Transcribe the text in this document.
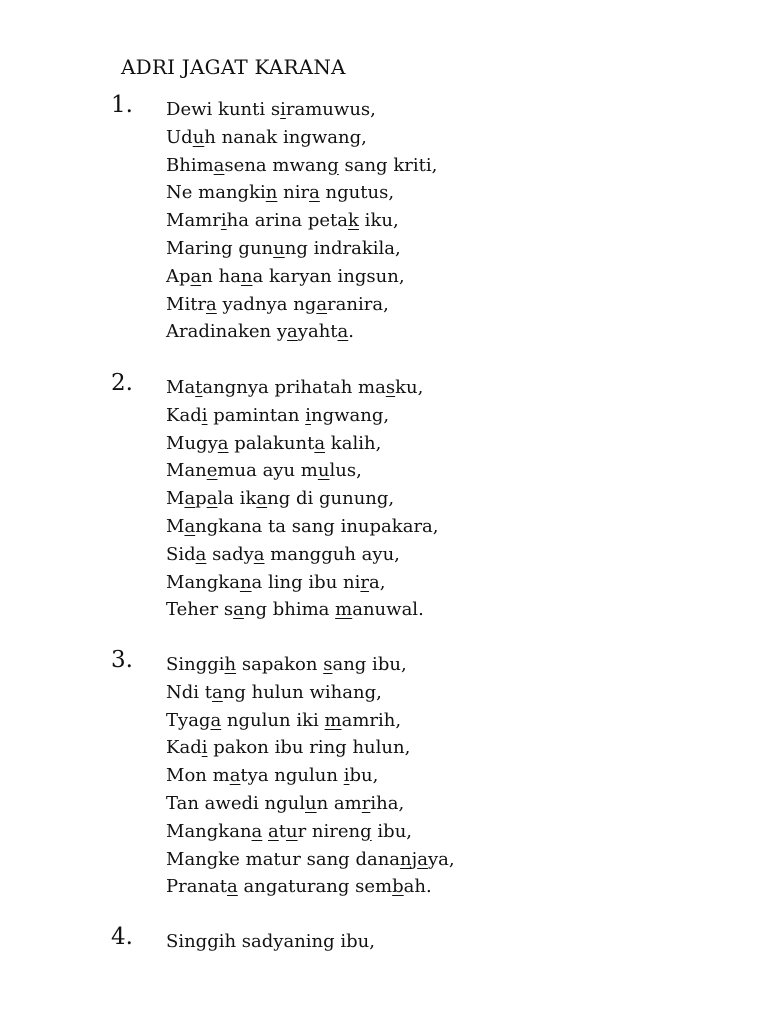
ADRI JAGAT KARANA
1. Dewi kunti siramuwus,
Uduh nanak ingwang,
Bhimasena mwang sang kriti,
Ne mangkin nira ngutus,
Mamriha arina petak iku,
Maring gunung indrakila,
Apan hana karyan ingsun,
Mitra yadnya ngaranira,
Aradinaken yayahta.
2. Matangnya prihatah masku,
Kadi pamintan ingwang,
Mugya palakunta kalih,
Manemua ayu mulus,
Mapala ikang di gunung,
Mangkana ta sang inupakara,
Sida sadya mangguh ayu,
Mangkana ling ibu nira,
Teher sang bhima manuwal.
3. Singgih sapakon sang ibu,
Ndi tang hulun wihang,
Tyaga ngulun iki mamrih,
Kadi pakon ibu ring hulun,
Mon matya ngulun ibu,
Tan awedi ngulun amriha,
Mangkana atur nireng ibu,
Mangke matur sang dananjaya,
Pranata angaturang sembah.
4. Singgih sadyaning ibu,
